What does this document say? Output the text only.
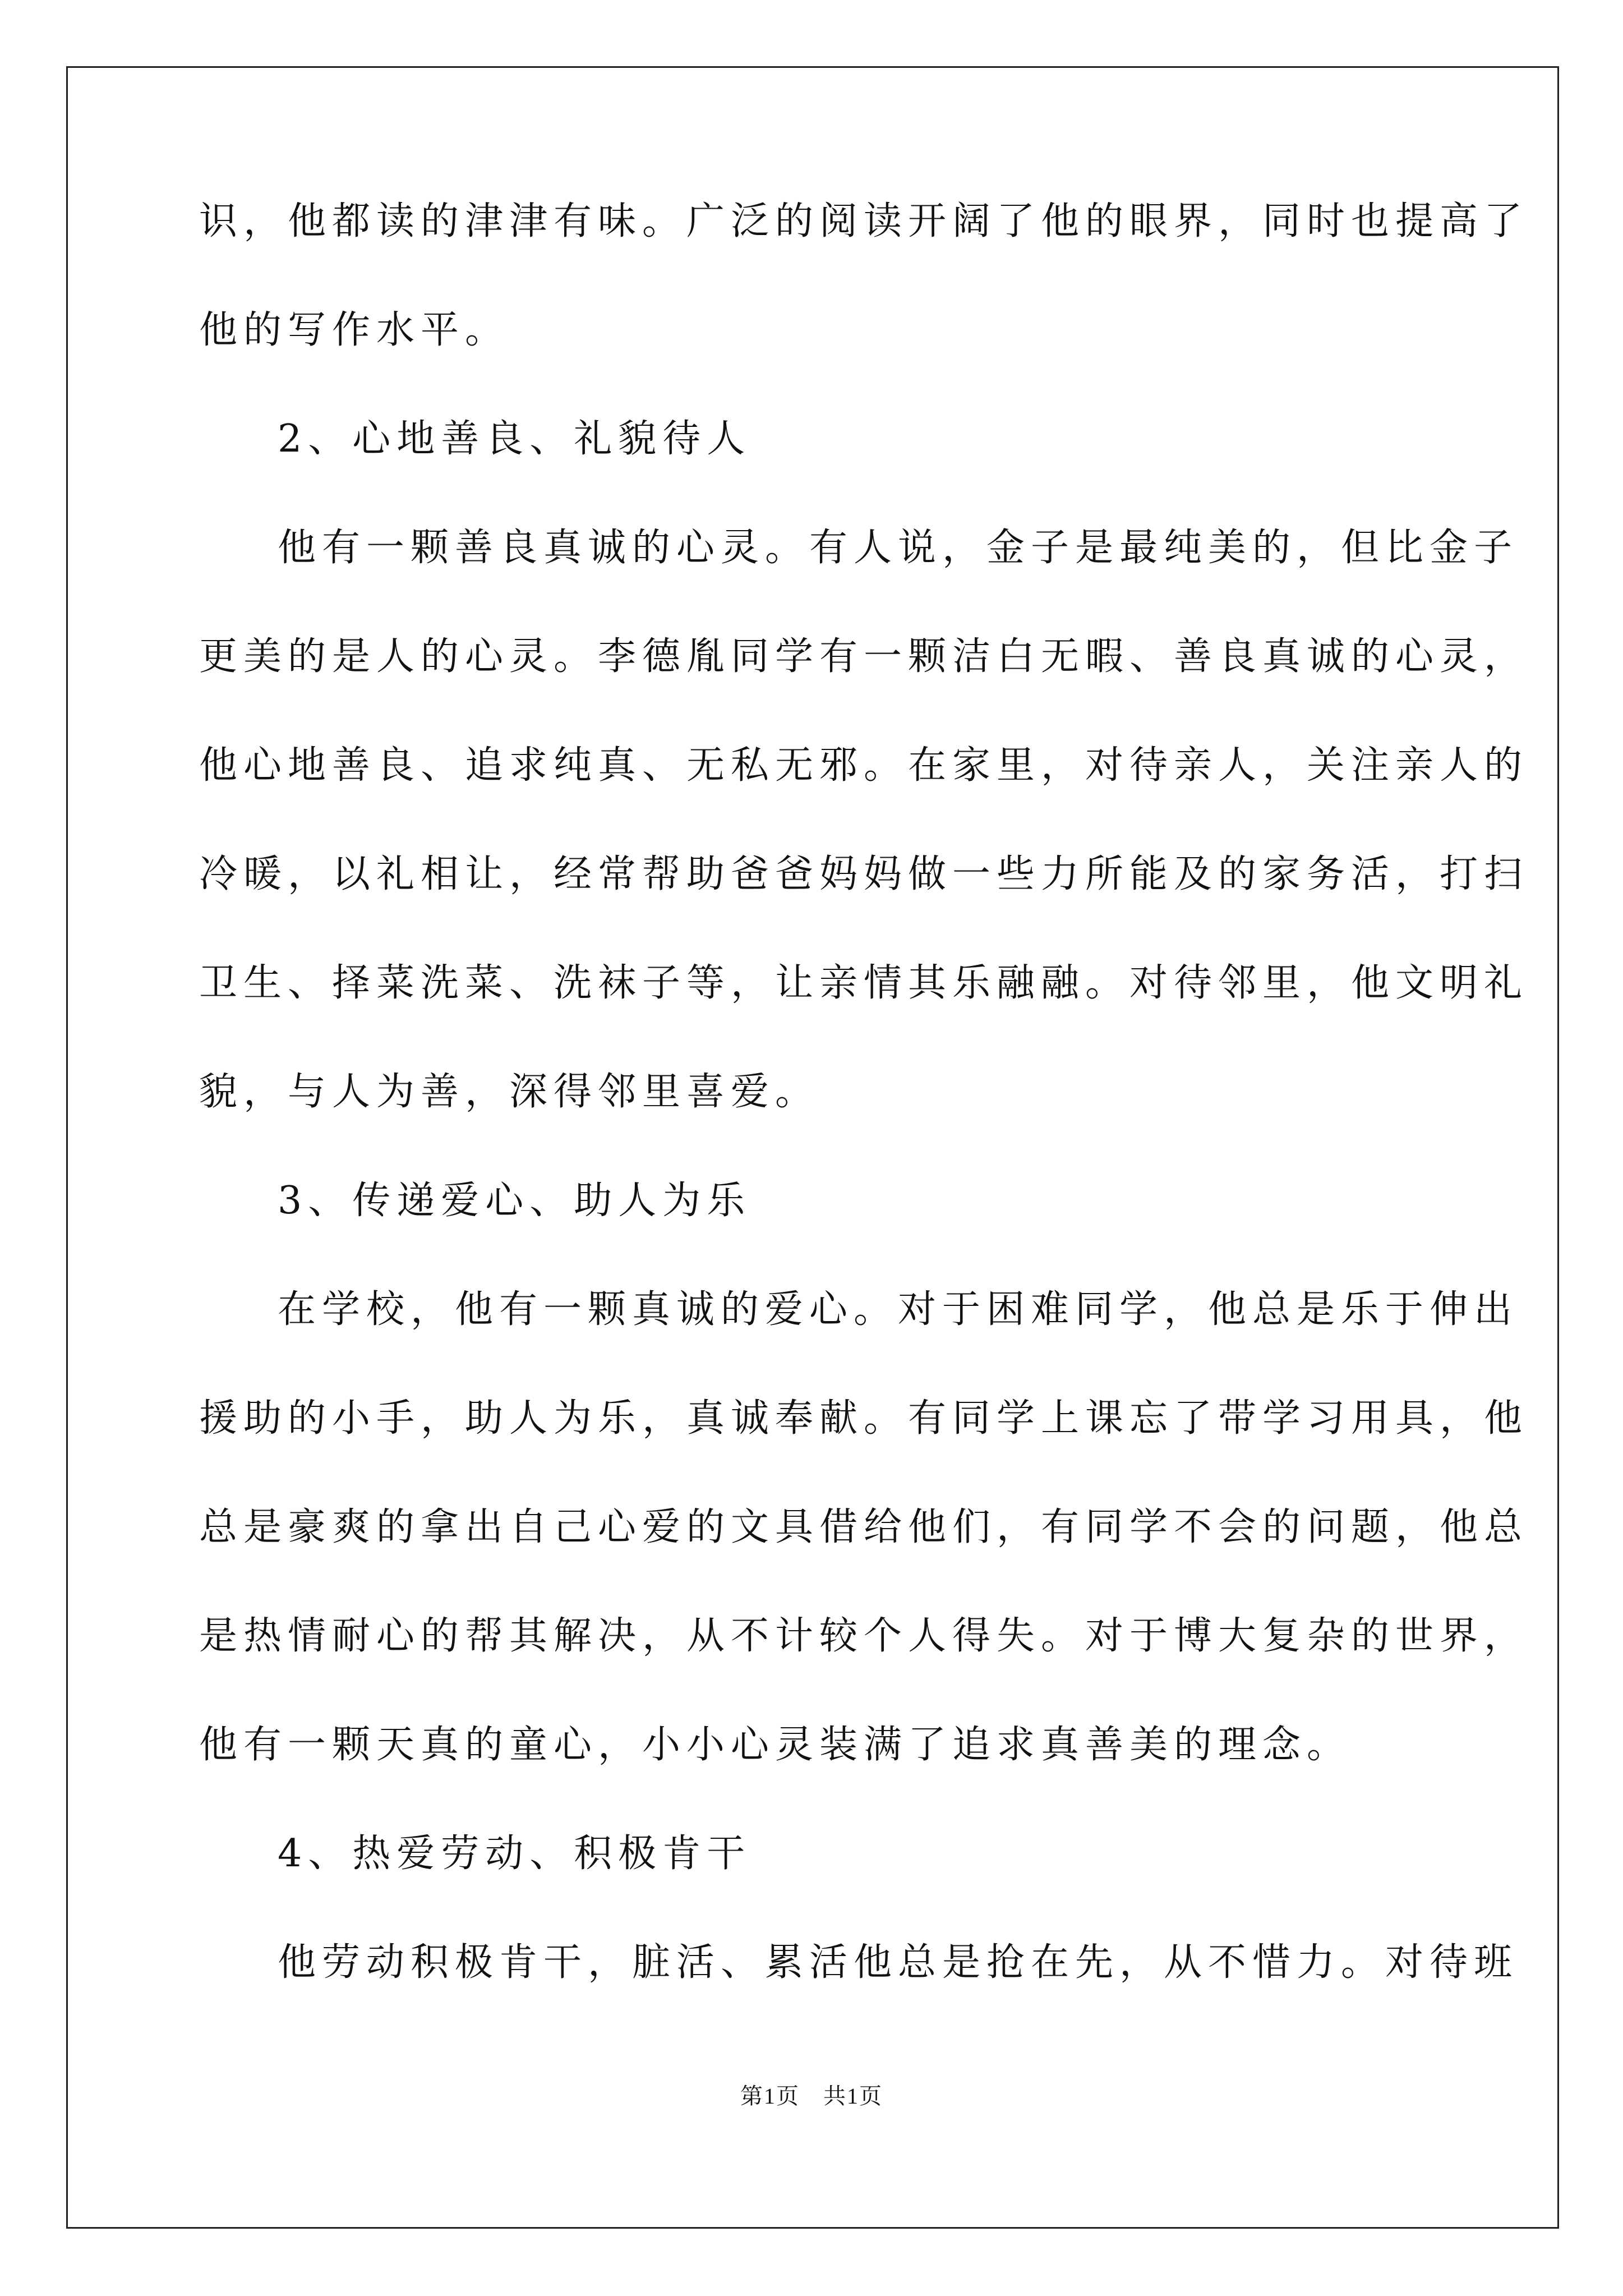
识，他都读的津津有味。广泛的阅读开阔了他的眼界，同时也提高了
他的写作水平。
2、心地善良、礼貌待人
他有一颗善良真诚的心灵。有人说，金子是最纯美的，但比金子
更美的是人的心灵。李德胤同学有一颗洁白无暇、善良真诚的心灵，
他心地善良、追求纯真、无私无邪。在家里，对待亲人，关注亲人的
冷暖，以礼相让，经常帮助爸爸妈妈做一些力所能及的家务活，打扫
卫生、择菜洗菜、洗袜子等，让亲情其乐融融。对待邻里，他文明礼
貌，与人为善，深得邻里喜爱。
3、传递爱心、助人为乐
在学校，他有一颗真诚的爱心。对于困难同学，他总是乐于伸出
援助的小手，助人为乐，真诚奉献。有同学上课忘了带学习用具，他
总是豪爽的拿出自己心爱的文具借给他们，有同学不会的问题，他总
是热情耐心的帮其解决，从不计较个人得失。对于博大复杂的世界，
他有一颗天真的童心，小小心灵装满了追求真善美的理念。
4、热爱劳动、积极肯干
他劳动积极肯干，脏活、累活他总是抢在先，从不惜力。对待班
第1页　共1页
